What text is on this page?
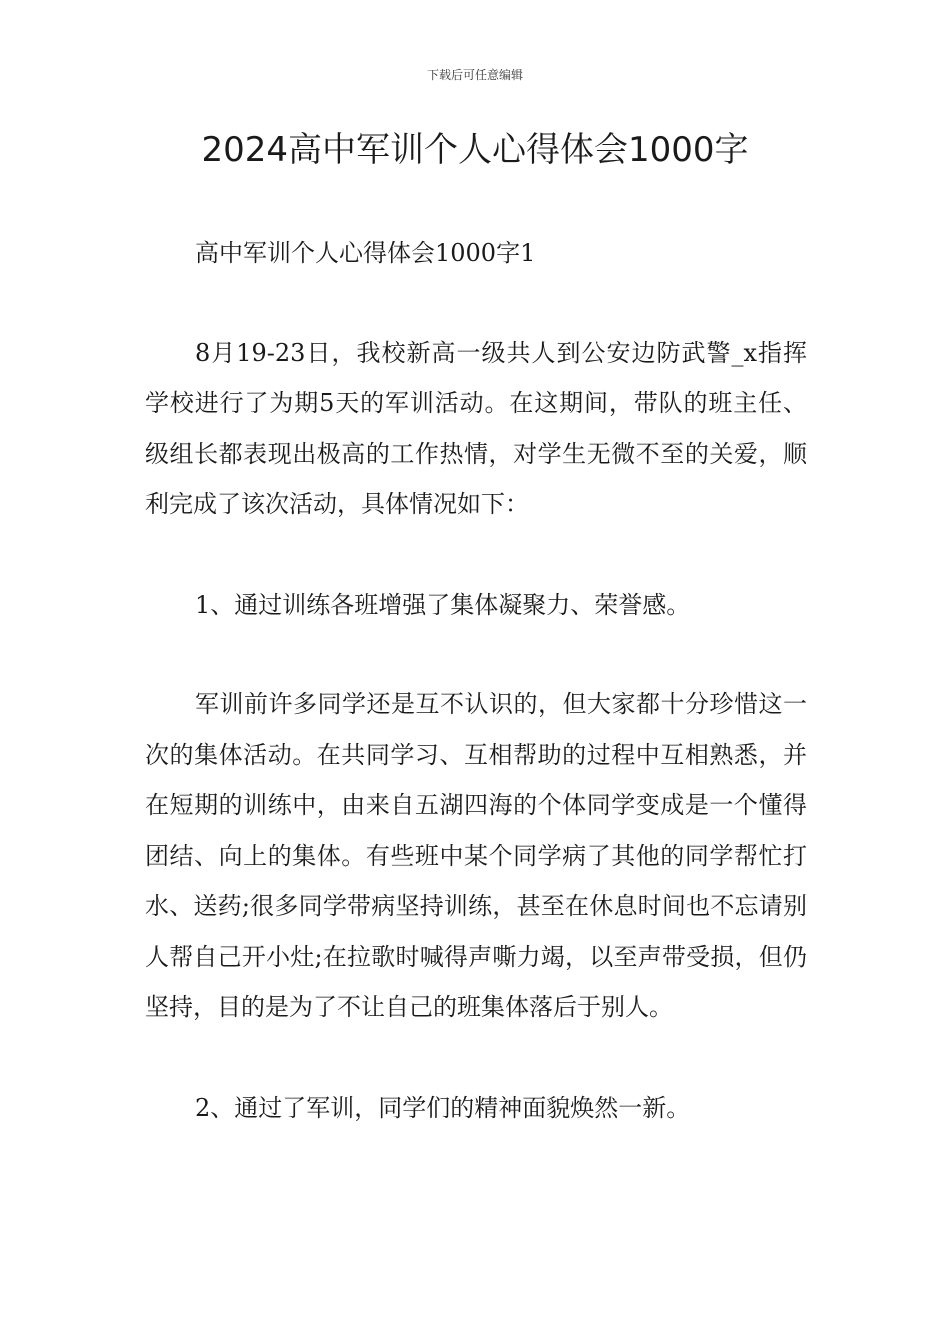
下载后可任意编辑
2024高中军训个人心得体会1000字

高中军训个人心得体会1000字1

8月19-23日，我校新高一级共人到公安边防武警_x指挥学校进行了为期5天的军训活动。在这期间，带队的班主任、级组长都表现出极高的工作热情，对学生无微不至的关爱，顺利完成了该次活动，具体情况如下：

1、通过训练各班增强了集体凝聚力、荣誉感。

军训前许多同学还是互不认识的，但大家都十分珍惜这一次的集体活动。在共同学习、互相帮助的过程中互相熟悉，并在短期的训练中，由来自五湖四海的个体同学变成是一个懂得团结、向上的集体。有些班中某个同学病了其他的同学帮忙打水、送药;很多同学带病坚持训练，甚至在休息时间也不忘请别人帮自己开小灶;在拉歌时喊得声嘶力竭，以至声带受损，但仍坚持，目的是为了不让自己的班集体落后于别人。

2、通过了军训，同学们的精神面貌焕然一新。
